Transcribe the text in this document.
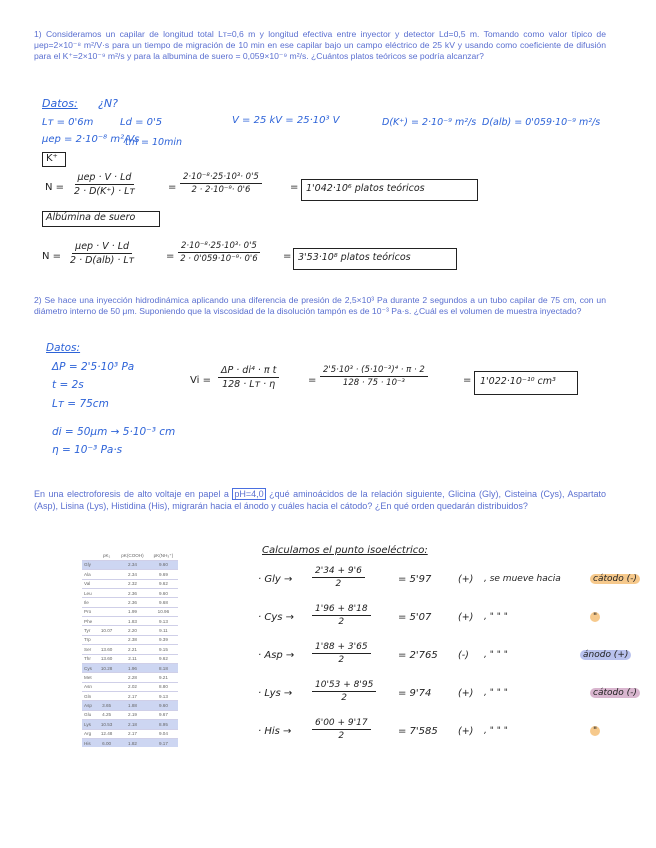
1) Consideramos un capilar de longitud total Lт=0,6 m y longitud efectiva entre inyector y detector Ld=0,5 m. Tomando como valor típico de μep=2×10⁻⁸ m²/V·s para un tiempo de migración de 10 min en ese capilar bajo un campo eléctrico de 25 kV y usando como coeficiente de difusión para el K⁺=2×10⁻⁹ m²/s y para la albumina de suero = 0,059×10⁻⁹ m²/s. ¿Cuántos platos teóricos se podría alcanzar?
Datos: ¿N?
Lт = 0'6m	Ld = 0'5	V = 25 kV = 25·10³ V	D(K⁺) = 2·10⁻⁹ m²/s D(alb) = 0'059·10⁻⁹ m²/s
μep = 2·10⁻⁸ m²/Vs
tm = 10min
K⁺
N =
μep · V · Ld
2 · D(K⁺) · Lт	= $\frac{\text{2·10⁻⁸·25·10³· 0'5}}{\text{2 · 2·10⁻⁹· 0'6}}$	= 1'042·10⁶ platos teóricos
Albúmina de suero
N =
μep · V · Ld
2 · D(alb) · Lт	= $\frac{\text{2·10⁻⁸·25·10³· 0'5}}{\text{2 · 0'059·10⁻⁹· 0'6}} = 3'53\cdot 10^8$ platos teóricos
2) Se hace una inyección hidrodinámica aplicando una diferencia de presión de 2,5×10³ Pa durante 2 segundos a un tubo capilar de 75 cm, con un diámetro interno de 50 μm. Suponiendo que la viscosidad de la disolución tampón es de 10⁻³ Pa·s. ¿Cuál es el volumen de muestra inyectado?
Datos:
ΔP = 2'5·10³ Pa
t = 2s
Lт = 75cm
di = 50μm → 5·10⁻³ cm
η = 10⁻³ Pa·s
Vi =
ΔP · di⁴ · π t
128 · Lт · η	= $\frac{\text{2'5·10³ · (5·10⁻³)⁴ · π · 2}}{\text{128 · 75 · 10⁻³}}$	= 1'022·10⁻¹⁰ cm³
En una electroforesis de alto voltaje en papel a pH=4,0 ¿qué aminoácidos de la relación siguiente, Glicina (Gly), Cisteina (Cys), Aspartato (Asp), Lisina (Lys), Histidina (His), migrarán hacia el ánodo y cuáles hacia el cátodo? ¿En qué orden quedarán distribuidos?
	pK₁	pK(COOH)	pK(NH₃⁺)
Gly		2.34	9.60
Ala		2.34	9.69
Val		2.32	9.62
Leu		2.36	9.60
Ile		2.36	9.68
Pro		1.99	10.96
Phe		1.83	9.13
Tyr	10.07	2.20	9.11
Trp		2.38	9.39
Ser	13.60	2.21	9.15
Thr	13.60	2.11	9.62
Cys	10.28	1.96	8.18
Met		2.28	9.21
Asn		2.02	8.80
Gln		2.17	9.13
Asp	3.65	1.88	9.60
Glu	4.25	2.19	9.67
Lys	10.53	2.18	8.95
Arg	12.48	2.17	9.04
His	6.00	1.82	9.17
Calculamos el punto isoeléctrico:
· Gly → $\frac{2'34 + 9'6}{2}$	= 5'97	(+) , se mueve hacia	cátodo (-)
· Cys → $\frac{1'96 + 8'18}{2}$	= 5'07	(+) , " " "	"
· Asp → $\frac{1'88 + 3'65}{2}$	= 2'765 (-) , " " "	ánodo (+)
· Lys → $\frac{10'53 + 8'95}{2} = 9'74$	(+) , " " "	cátodo (-)
· His → $\frac{6'00 + 9'17}{2}$	= 7'585 (+) , " " "	"
